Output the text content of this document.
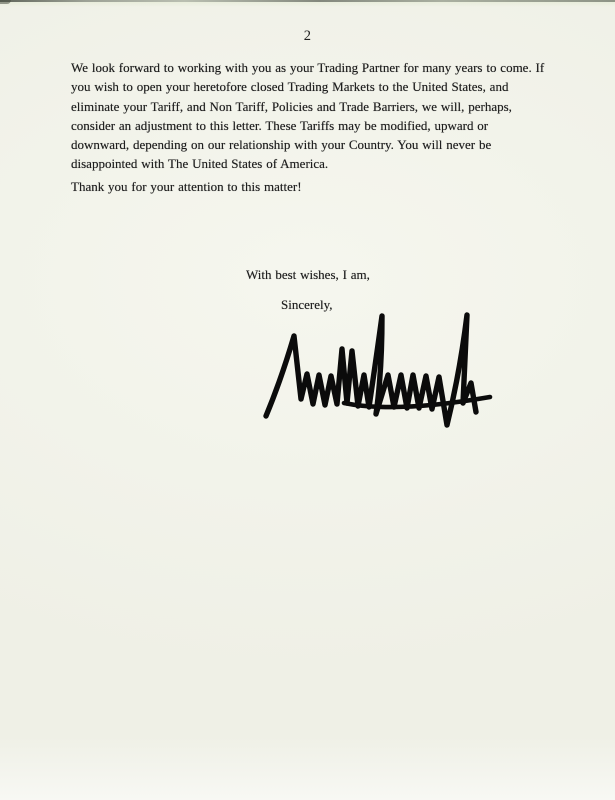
2
We look forward to working with you as your Trading Partner for many years to come. If
you wish to open your heretofore closed Trading Markets to the United States, and
eliminate your Tariff, and Non Tariff, Policies and Trade Barriers, we will, perhaps,
consider an adjustment to this letter. These Tariffs may be modified, upward or
downward, depending on our relationship with your Country. You will never be
disappointed with The United States of America.
Thank you for your attention to this matter!
With best wishes, I am,
Sincerely,
